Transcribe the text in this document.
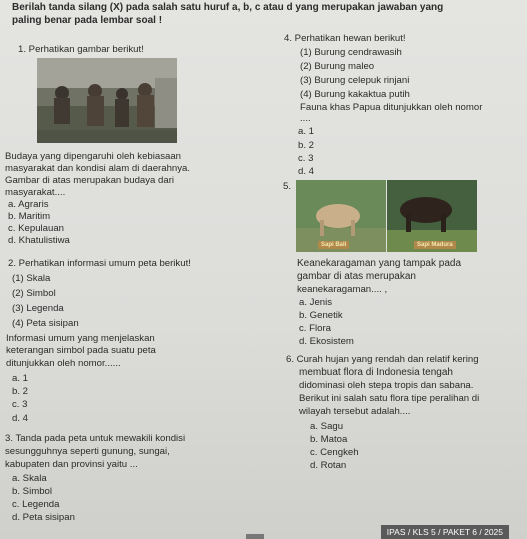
Berilah tanda silang (X) pada salah satu huruf a, b, c atau d yang merupakan jawaban yang
paling benar pada lembar soal !
1. Perhatikan gambar berikut!
Budaya yang dipengaruhi oleh kebiasaan
masyarakat dan kondisi alam di daerahnya.
Gambar di atas merupakan budaya dari
masyarakat....
a. Agraris
b. Maritim
c. Kepulauan
d. Khatulistiwa
2. Perhatikan informasi umum peta berikut!
(1) Skala
(2) Simbol
(3) Legenda
(4) Peta sisipan
Informasi umum yang menjelaskan
keterangan simbol pada suatu peta
ditunjukkan oleh nomor......
a. 1
b. 2
c. 3
d. 4
3. Tanda pada peta untuk mewakili kondisi
sesungguhnya seperti gunung, sungai,
kabupaten dan provinsi yaitu ...
a. Skala
b. Simbol
c. Legenda
d. Peta sisipan
4. Perhatikan hewan berikut!
(1) Burung cendrawasih
(2) Burung maleo
(3) Burung celepuk rinjani
(4) Burung kakaktua putih
Fauna khas Papua ditunjukkan oleh nomor
....
a. 1
b. 2
c. 3
d. 4
5.
Sapi Bali	Sapi Madura
Keanekaragaman yang tampak pada
gambar di atas merupakan
keanekaragaman.... ,
a. Jenis
b. Genetik
c. Flora
d. Ekosistem
6. Curah hujan yang rendah dan relatif kering
membuat flora di Indonesia tengah
didominasi oleh stepa tropis dan sabana.
Berikut ini salah satu flora tipe peralihan di
wilayah tersebut adalah....
a. Sagu
b. Matoa
c. Cengkeh
d. Rotan
IPAS / KLS 5 / PAKET 6 / 2025
